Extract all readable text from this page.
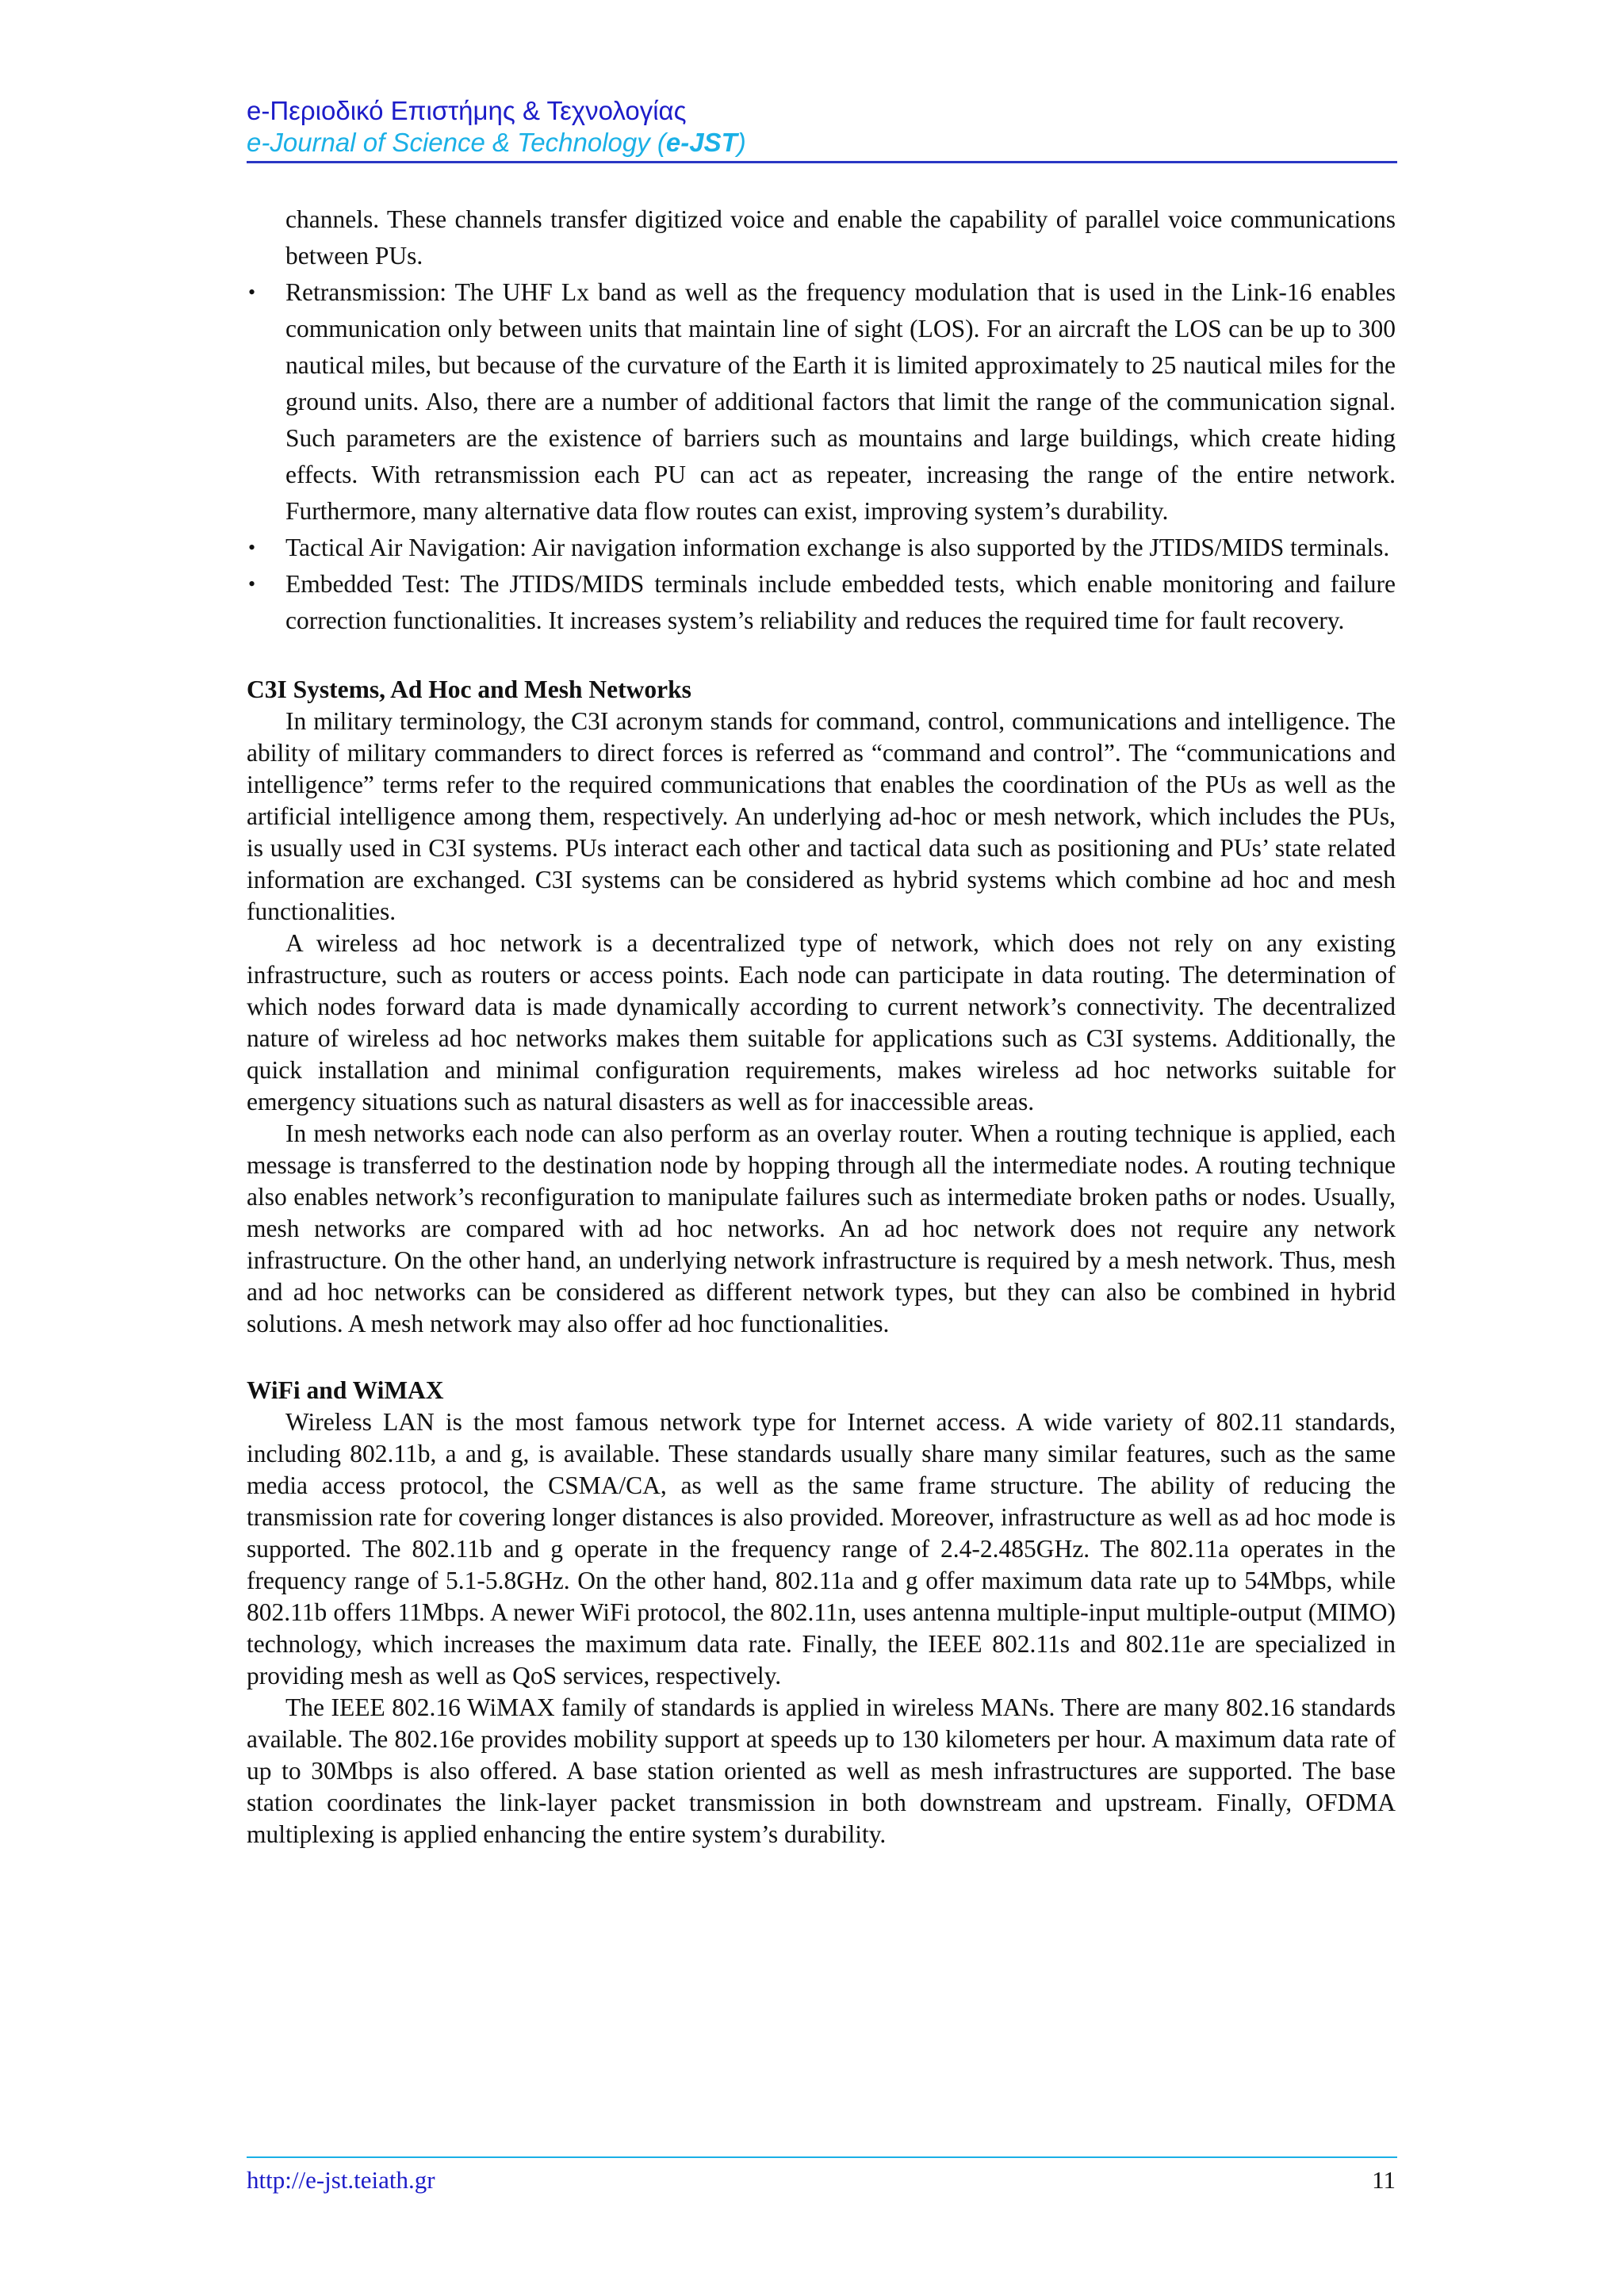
e-Περιοδικό Επιστήμης & Τεχνολογίας
e-Journal of Science & Technology (e-JST)

channels. These channels transfer digitized voice and enable the capability of parallel voice communications between PUs.

• Retransmission: The UHF Lx band as well as the frequency modulation that is used in the Link-16 enables communication only between units that maintain line of sight (LOS). For an aircraft the LOS can be up to 300 nautical miles, but because of the curvature of the Earth it is limited approximately to 25 nautical miles for the ground units. Also, there are a number of additional factors that limit the range of the communication signal. Such parameters are the existence of barriers such as mountains and large buildings, which create hiding effects. With retransmission each PU can act as repeater, increasing the range of the entire network. Furthermore, many alternative data flow routes can exist, improving system’s durability.
• Tactical Air Navigation: Air navigation information exchange is also supported by the JTIDS/MIDS terminals.
• Embedded Test: The JTIDS/MIDS terminals include embedded tests, which enable monitoring and failure correction functionalities. It increases system’s reliability and reduces the required time for fault recovery.
C3I Systems, Ad Hoc and Mesh Networks

In military terminology, the C3I acronym stands for command, control, communications and intelligence. The ability of military commanders to direct forces is referred as “command and control”. The “communications and intelligence” terms refer to the required communications that enables the coordination of the PUs as well as the artificial intelligence among them, respectively. An underlying ad-hoc or mesh network, which includes the PUs, is usually used in C3I systems. PUs interact each other and tactical data such as positioning and PUs’ state related information are exchanged. C3I systems can be considered as hybrid systems which combine ad hoc and mesh functionalities.

A wireless ad hoc network is a decentralized type of network, which does not rely on any existing infrastructure, such as routers or access points. Each node can participate in data routing. The determination of which nodes forward data is made dynamically according to current network’s connectivity. The decentralized nature of wireless ad hoc networks makes them suitable for applications such as C3I systems. Additionally, the quick installation and minimal configuration requirements, makes wireless ad hoc networks suitable for emergency situations such as natural disasters as well as for inaccessible areas.

In mesh networks each node can also perform as an overlay router. When a routing technique is applied, each message is transferred to the destination node by hopping through all the intermediate nodes. A routing technique also enables network’s reconfiguration to manipulate failures such as intermediate broken paths or nodes. Usually, mesh networks are compared with ad hoc networks. An ad hoc network does not require any network infrastructure. On the other hand, an underlying network infrastructure is required by a mesh network. Thus, mesh and ad hoc networks can be considered as different network types, but they can also be combined in hybrid solutions. A mesh network may also offer ad hoc functionalities.

WiFi and WiMAX

Wireless LAN is the most famous network type for Internet access. A wide variety of 802.11 standards, including 802.11b, a and g, is available. These standards usually share many similar features, such as the same media access protocol, the CSMA/CA, as well as the same frame structure. The ability of reducing the transmission rate for covering longer distances is also provided. Moreover, infrastructure as well as ad hoc mode is supported. The 802.11b and g operate in the frequency range of 2.4-2.485GHz. The 802.11a operates in the frequency range of 5.1-5.8GHz. On the other hand, 802.11a and g offer maximum data rate up to 54Mbps, while 802.11b offers 11Mbps. A newer WiFi protocol, the 802.11n, uses antenna multiple-input multiple-output (MIMO) technology, which increases the maximum data rate. Finally, the IEEE 802.11s and 802.11e are specialized in providing mesh as well as QoS services, respectively.

The IEEE 802.16 WiMAX family of standards is applied in wireless MANs. There are many 802.16 standards available. The 802.16e provides mobility support at speeds up to 130 kilometers per hour. A maximum data rate of up to 30Mbps is also offered. A base station oriented as well as mesh infrastructures are supported. The base station coordinates the link-layer packet transmission in both downstream and upstream. Finally, OFDMA multiplexing is applied enhancing the entire system’s durability.

http://e-jst.teiath.gr	11
